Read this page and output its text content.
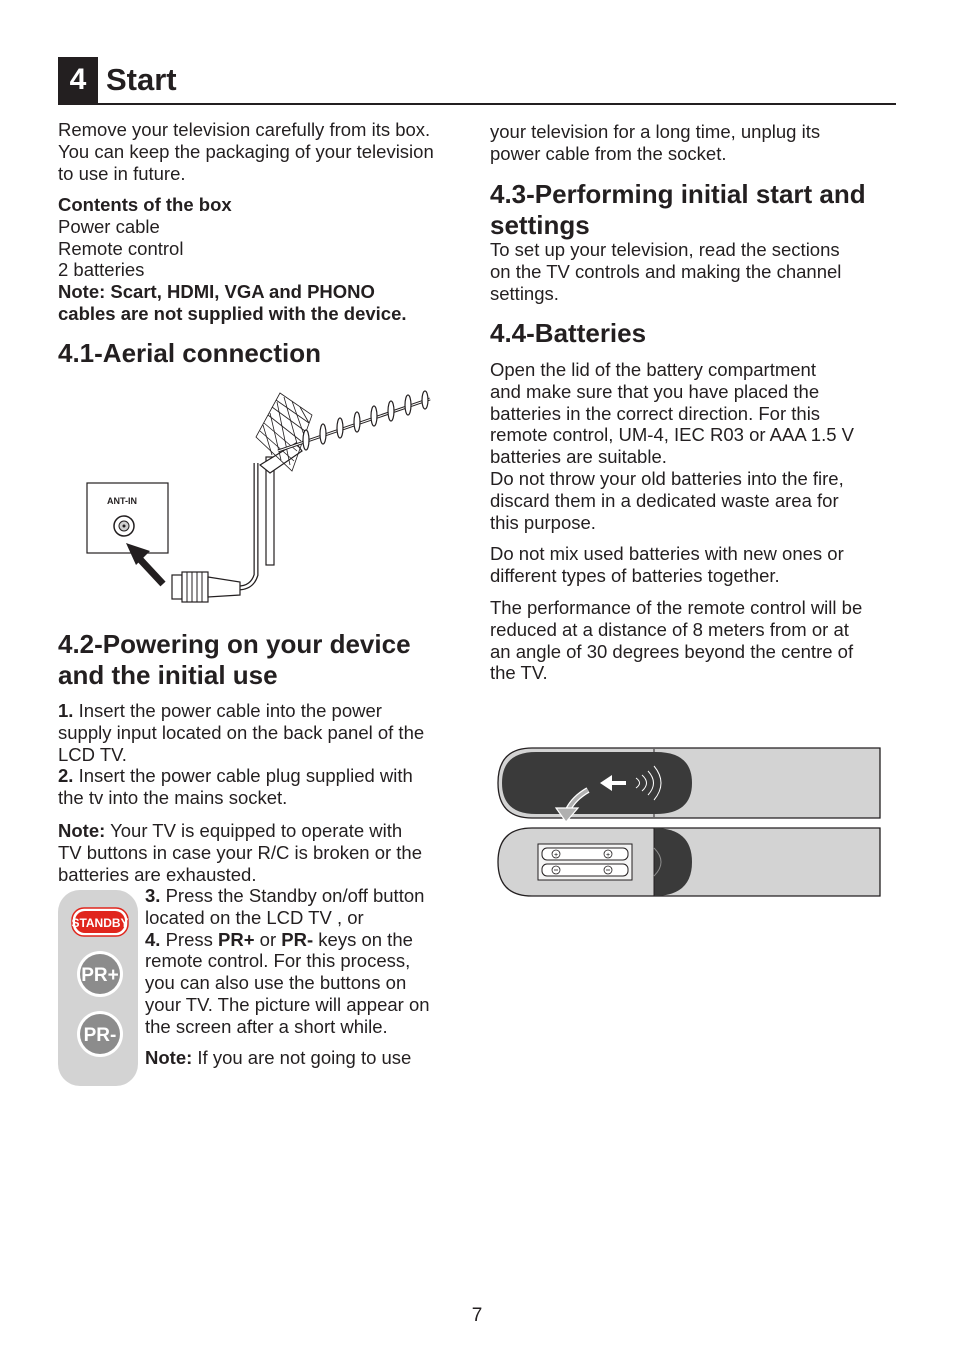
4 Start
Remove your television carefully from its box.
You can keep the packaging of your television
to use in future.
Contents of the box
Power cable
Remote control
2 batteries
Note: Scart, HDMI, VGA and PHONO
cables are not supplied with the device.
4.1-Aerial connection
ANT-IN
4.2-Powering on your device
and the initial use
1. Insert the power cable into the power
supply input located on the back panel of the
LCD TV.
2. Insert the power cable plug supplied with
the tv into the mains socket.
Note: Your TV is equipped to operate with
TV buttons in case your R/C is broken or the
batteries are exhausted.
STANDBY
PR+
PR-
3. Press the Standby on/off button
located on the LCD TV , or
4. Press PR+ or PR- keys on the
remote control. For this process,
you can also use the buttons on
your TV. The picture will appear on
the screen after a short while.
Note: If you are not going to use
your television for a long time, unplug its
power cable from the socket.
4.3-Performing initial start and
settings
To set up your television, read the sections
on the TV controls and making the channel
settings.
4.4-Batteries
Open the lid of the battery compartment
and make sure that you have placed the
batteries in the correct direction. For this
remote control, UM-4, IEC R03 or AAA 1.5 V
batteries are suitable.
Do not throw your old batteries into the fire,
discard them in a dedicated waste area for
this purpose.
Do not mix used batteries with new ones or
different types of batteries together.
The performance of the remote control will be
reduced at a distance of 8 meters from or at
an angle of 30 degrees beyond the centre of
the TV.
+	+
7
